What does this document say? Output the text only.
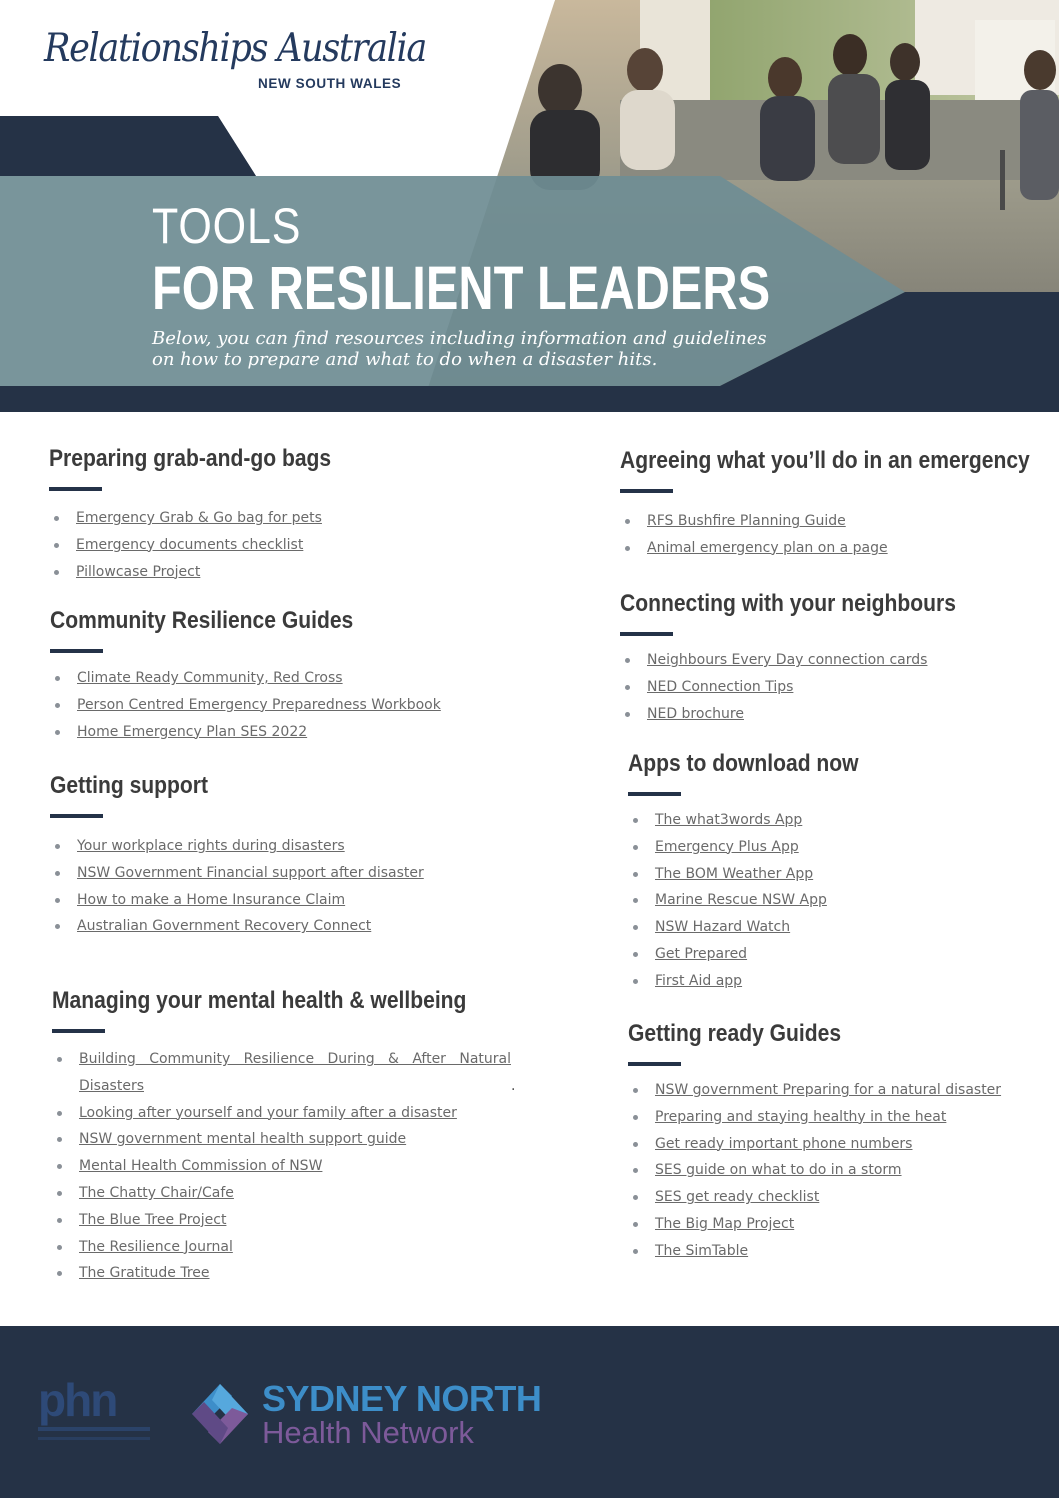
Relationships Australia
NEW SOUTH WALES
TOOLS
FOR RESILIENT LEADERS
Below, you can find resources including information and guidelines on how to prepare and what to do when a disaster hits.
Preparing grab-and-go bags
Emergency Grab & Go bag for pets
Emergency documents checklist
Pillowcase Project
Community Resilience Guides
Climate Ready Community, Red Cross
Person Centred Emergency Preparedness Workbook
Home Emergency Plan SES 2022
Getting support
Your workplace rights during disasters
NSW Government Financial support after disaster
How to make a Home Insurance Claim
Australian Government Recovery Connect
Managing your mental health & wellbeing
Building Community Resilience During & After Natural Disasters	.
Looking after yourself and your family after a disaster
NSW government mental health support guide
Mental Health Commission of NSW
The Chatty Chair/Cafe
The Blue Tree Project
The Resilience Journal
The Gratitude Tree
Agreeing what you’ll do in an emergency
RFS Bushfire Planning Guide
Animal emergency plan on a page
Connecting with your neighbours
Neighbours Every Day connection cards
NED Connection Tips
NED brochure
Apps to download now
The what3words App
Emergency Plus App
The BOM Weather App
Marine Rescue NSW App
NSW Hazard Watch
Get Prepared
First Aid app
Getting ready Guides
NSW government Preparing for a natural disaster
Preparing and staying healthy in the heat
Get ready important phone numbers
SES guide on what to do in a storm
SES get ready checklist
The Big Map Project
The SimTable
phn	SYDNEY NORTH
Health Network
